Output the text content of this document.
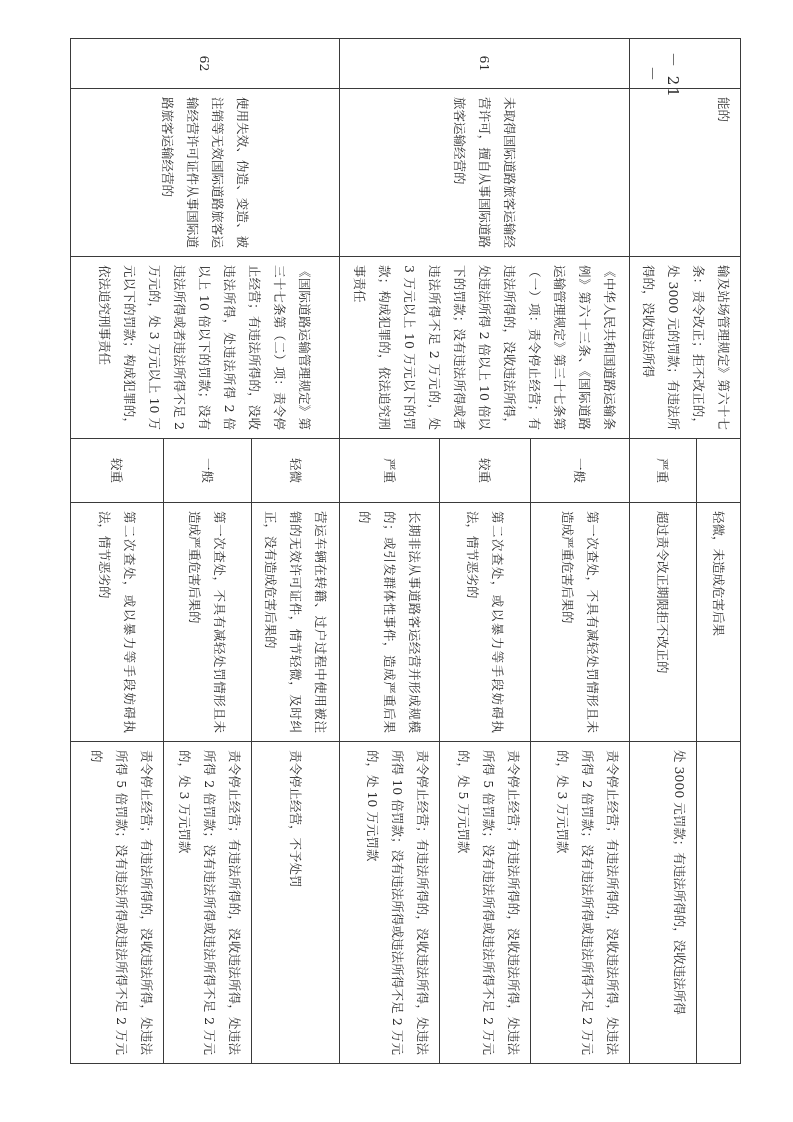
－ 21 －
	能的	输及站场管理规定》第六十七条：责令改正；拒不改正的，处 3000 元的罚款；有违法所得的，没收违法所得		轻微，未造成危害后果	
			严重	超过责令改正期限拒不改正的	处 3000 元罚款；有违法所得的，没收违法所得
61	未取得国际道路旅客运输经营许可，擅自从事国际道路旅客运输经营的	《中华人民共和国道路运输条例》第六十三条、《国际道路运输管理规定》第三十七条第（一）项：责令停止经营；有违法所得的，没收违法所得，处违法所得 2 倍以上 10 倍以下的罚款；没有违法所得或者违法所得不足 2 万元的，处 3 万元以上 10 万元以下的罚款；构成犯罪的，依法追究刑事责任	一般	第一次查处，不具有减轻处罚情形且未造成严重危害后果的	责令停止经营；有违法所得的，没收违法所得，处违法所得 2 倍罚款；没有违法所得或违法所得不足 2 万元的，处 3 万元罚款
			较重	第二次查处，或以暴力等手段妨碍执法，情节恶劣的	责令停止经营；有违法所得的，没收违法所得，处违法所得 5 倍罚款；没有违法所得或违法所得不足 2 万元的，处 5 万元罚款
			严重	长期非法从事道路客运经营并形成规模的；或引发群体性事件，造成严重后果的	责令停止经营；有违法所得的，没收违法所得，处违法所得 10 倍罚款；没有违法所得或违法所得不足 2 万元的，处 10 万元罚款
62	使用失效、伪造、变造、被注销等无效国际道路旅客运输经营许可证件从事国际道路旅客运输经营的	《国际道路运输管理规定》第三十七条第（二）项：责令停止经营；有违法所得的，没收违法所得，处违法所得 2 倍以上 10 倍以下的罚款；没有违法所得或者违法所得不足 2 万元的，处 3 万元以上 10 万元以下的罚款；构成犯罪的，依法追究刑事责任	轻微	营运车辆在转籍、过户过程中使用被注销的无效许可证件，情节轻微，及时纠正，没有造成危害后果的	责令停止经营，不予处罚
			一般	第一次查处，不具有减轻处罚情形且未造成严重危害后果的	责令停止经营；有违法所得的，没收违法所得，处违法所得 2 倍罚款；没有违法所得或违法所得不足 2 万元的，处 3 万元罚款
			较重	第二次查处，或以暴力等手段妨碍执法，情节恶劣的	责令停止经营；有违法所得的，没收违法所得，处违法所得 5 倍罚款；没有违法所得或违法所得不足 2 万元的
